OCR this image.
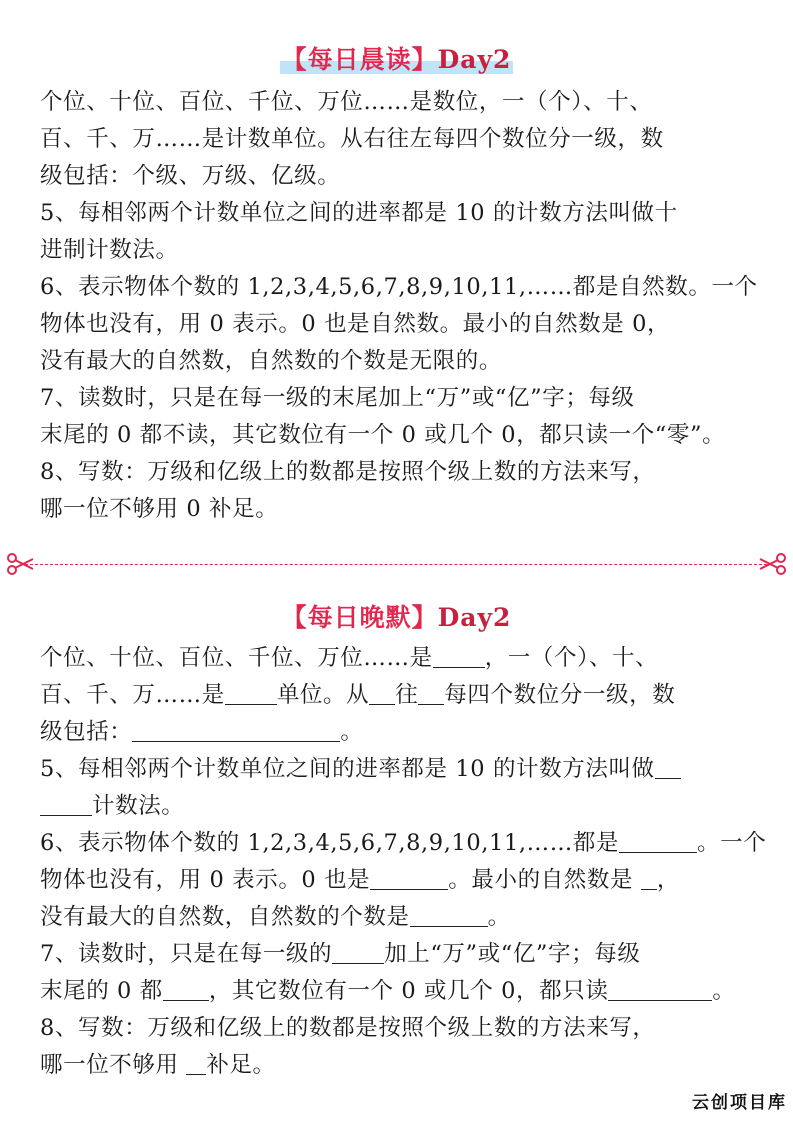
【每日晨读】Day2
个位、十位、百位、千位、万位……是数位，一（个）、十、
百、千、万……是计数单位。从右往左每四个数位分一级，数
级包括：个级、万级、亿级。
5、每相邻两个计数单位之间的进率都是 10 的计数方法叫做十
进制计数法。
6、表示物体个数的 1,2,3,4,5,6,7,8,9,10,11,……都是自然数。一个
物体也没有，用 0 表示。0 也是自然数。最小的自然数是 0，
没有最大的自然数，自然数的个数是无限的。
7、读数时，只是在每一级的末尾加上“万”或“亿”字；每级
末尾的 0 都不读，其它数位有一个 0 或几个 0，都只读一个“零”。
8、写数：万级和亿级上的数都是按照个级上数的方法来写，
哪一位不够用 0 补足。
【每日晚默】Day2
个位、十位、百位、千位、万位……是 ，一（个）、十、
百、千、万……是 单位。从 往 每四个数位分一级，数
级包括：	。
5、每相邻两个计数单位之间的进率都是 10 的计数方法叫做
计数法。
6、表示物体个数的 1,2,3,4,5,6,7,8,9,10,11,……都是	。一个
物体也没有，用 0 表示。0 也是	。最小的自然数是 ，
没有最大的自然数，自然数的个数是	。
7、读数时，只是在每一级的 加上“万”或“亿”字；每级
末尾的 0 都 ，其它数位有一个 0 或几个 0，都只读	。
8、写数：万级和亿级上的数都是按照个级上数的方法来写，
哪一位不够用 补足。
云创项目库
